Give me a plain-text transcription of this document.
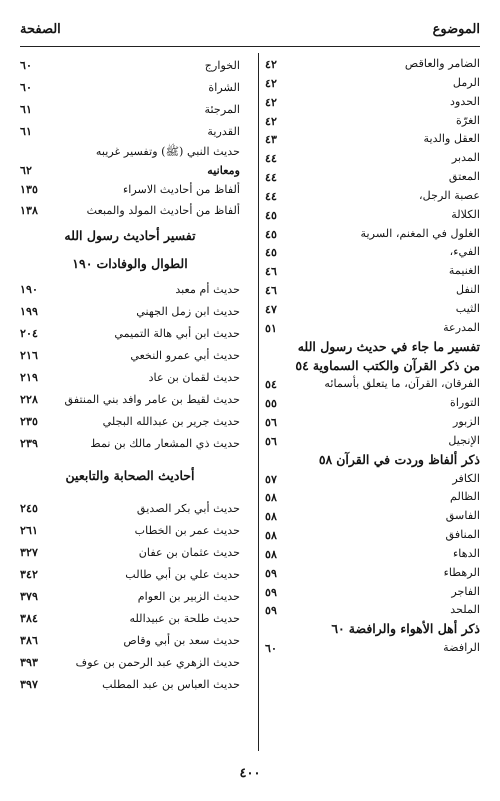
الموضوع
الصفحة
الضامر والعاقص
٤٢
الرمل
٤٢
الحدود
٤٢
الغرّة
٤٢
العقل والدية
٤٣
المدبر
٤٤
المعتق
٤٤
عصبة الرجل،
٤٤
الكلالة
٤٥
الغلول في المغنم، السرية
٤٥
الفيء،
٤٥
الغنيمة
٤٦
النفل
٤٦
الثيب
٤٧
المدرعة
٥١
تفسير ما جاء في حديث رسول الله
من ذكر القرآن والكتب السماوية٥٤
الفرقان، القرآن، ما يتعلق بأسمائه
٥٤
التوراة
٥٥
الزبور
٥٦
الإنجيل
٥٦
ذكر ألفاظ وردت في القرآن٥٨
الكافر
٥٧
الظالم
٥٨
الفاسق
٥٨
المنافق
٥٨
الدهاء
٥٨
الرهطاء
٥٩
الفاجر
٥٩
الملحد
٥٩
ذكر أهل الأهواء والرافضة٦٠
الرافضة
٦٠
الخوارج
٦٠
الشراة
٦٠
المرجئة
٦١
القدرية
٦١
حديث النبي (ﷺ) وتفسير غريبه
ومعانيه
٦٢
ألفاظ من أحاديث الاسراء
١٣٥
ألفاظ من أحاديث المولد والمبعث
١٣٨
تفسير أحاديث رسول الله
الطوال والوفادات١٩٠
حديث أم معبد
١٩٠
حديث ابن زمل الجهني
١٩٩
حديث ابن أبي هالة التميمي
٢٠٤
حديث أبي عمرو النخعي
٢١٦
حديث لقمان بن عاد
٢١٩
حديث لقيط بن عامر وافد بني المنتفق
٢٢٨
حديث جرير بن عبدالله البجلي
٢٣٥
حديث ذي المشعار مالك بن نمط
٢٣٩
أحاديث الصحابة والتابعين
حديث أبي بكر الصديق
٢٤٥
حديث عمر بن الخطاب
٢٦١
حديث عثمان بن عفان
٣٢٧
حديث علي بن أبي طالب
٣٤٢
حديث الزبير بن العوام
٣٧٩
حديث طلحة بن عبيدالله
٣٨٤
حديث سعد بن أبي وقاص
٣٨٦
حديث الزهري عبد الرحمن بن عوف
٣٩٣
حديث العباس بن عبد المطلب
٣٩٧
٤٠٠
